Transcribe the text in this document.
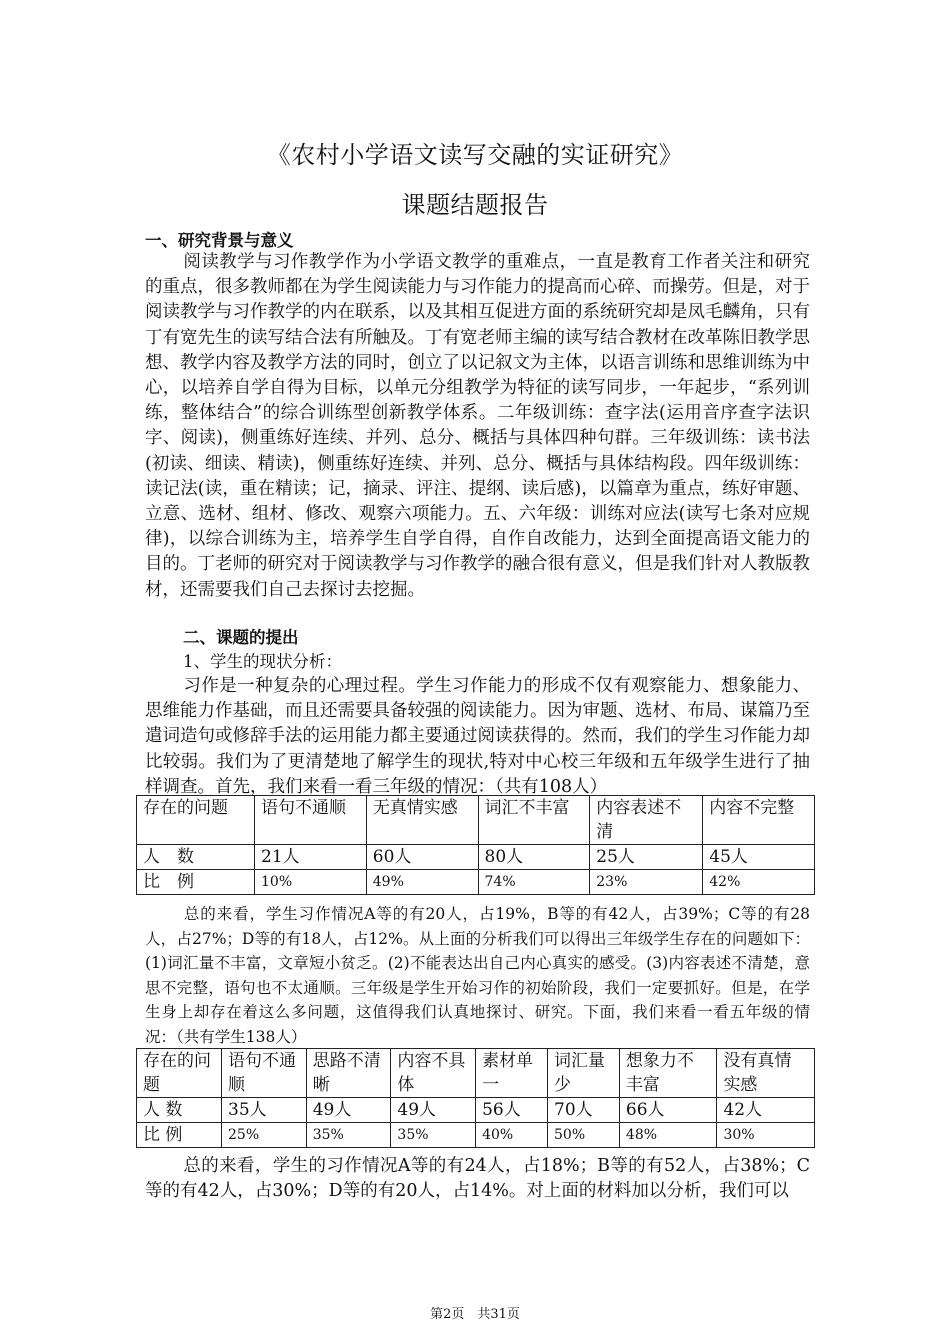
《农村小学语文读写交融的实证研究》
课题结题报告
一、研究背景与意义

阅读教学与习作教学作为小学语文教学的重难点，一直是教育工作者关注和研究的重点，很多教师都在为学生阅读能力与习作能力的提高而心碎、而操劳。但是，对于阅读教学与习作教学的内在联系，以及其相互促进方面的系统研究却是凤毛麟角，只有丁有宽先生的读写结合法有所触及。丁有宽老师主编的读写结合教材在改革陈旧教学思想、教学内容及教学方法的同时，创立了以记叙文为主体，以语言训练和思维训练为中心，以培养自学自得为目标，以单元分组教学为特征的读写同步，一年起步，“系列训练，整体结合”的综合训练型创新教学体系。二年级训练：查字法(运用音序查字法识字、阅读)，侧重练好连续、并列、总分、概括与具体四种句群。三年级训练：读书法(初读、细读、精读)，侧重练好连续、并列、总分、概括与具体结构段。四年级训练：读记法(读，重在精读；记，摘录、评注、提纲、读后感)，以篇章为重点，练好审题、立意、选材、组材、修改、观察六项能力。五、六年级：训练对应法(读写七条对应规律)，以综合训练为主，培养学生自学自得，自作自改能力，达到全面提高语文能力的目的。丁老师的研究对于阅读教学与习作教学的融合很有意义，但是我们针对人教版教材，还需要我们自己去探讨去挖掘。

二、课题的提出

1、学生的现状分析：

习作是一种复杂的心理过程。学生习作能力的形成不仅有观察能力、想象能力、思维能力作基础，而且还需要具备较强的阅读能力。因为审题、选材、布局、谋篇乃至遣词造句或修辞手法的运用能力都主要通过阅读获得的。然而，我们的学生习作能力却比较弱。我们为了更清楚地了解学生的现状,特对中心校三年级和五年级学生进行了抽样调查。首先，我们来看一看三年级的情况：（共有108人）

存在的问题	语句不通顺	无真情实感	词汇不丰富	内容表述不清	内容不完整
人　数	21人	60人	80人	25人	45人
比　例	10%	49%	74%	23%	42%

总的来看，学生习作情况A等的有20人，占19%，B等的有42人，占39%；C等的有28人，占27%；D等的有18人，占12%。从上面的分析我们可以得出三年级学生存在的问题如下：(1)词汇量不丰富，文章短小贫乏。(2)不能表达出自己内心真实的感受。(3)内容表述不清楚，意思不完整，语句也不太通顺。三年级是学生开始习作的初始阶段，我们一定要抓好。但是，在学生身上却存在着这么多问题，这值得我们认真地探讨、研究。下面，我们来看一看五年级的情况：（共有学生138人）

存在的问题	语句不通顺	思路不清晰	内容不具体	素材单一	词汇量少	想象力不丰富	没有真情实感
人 数	35人	49人	49人	56人	70人	66人	42人
比 例	25%	35%	35%	40%	50%	48%	30%

总的来看，学生的习作情况A等的有24人，占18%；B等的有52人，占38%；C等的有42人，占30%；D等的有20人，占14%。对上面的材料加以分析，我们可以

第2页　共31页
